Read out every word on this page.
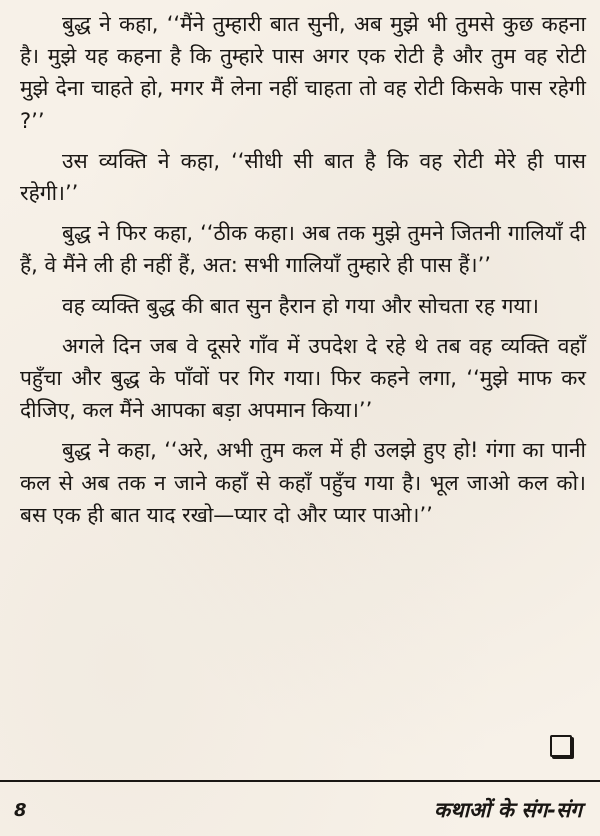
बुद्ध ने कहा, ‘‘मैंने तुम्हारी बात सुनी, अब मुझे भी तुमसे कुछ कहना है। मुझे यह कहना है कि तुम्हारे पास अगर एक रोटी है और तुम वह रोटी मुझे देना चाहते हो, मगर मैं लेना नहीं चाहता तो वह रोटी किसके पास रहेगी ?’’

उस व्यक्ति ने कहा, ‘‘सीधी सी बात है कि वह रोटी मेरे ही पास रहेगी।’’

बुद्ध ने फिर कहा, ‘‘ठीक कहा। अब तक मुझे तुमने जितनी गालियाँ दी हैं, वे मैंने ली ही नहीं हैं, अत: सभी गालियाँ तुम्हारे ही पास हैं।’’

वह व्यक्ति बुद्ध की बात सुन हैरान हो गया और सोचता रह गया।

अगले दिन जब वे दूसरे गाँव में उपदेश दे रहे थे तब वह व्यक्ति वहाँ पहुँचा और बुद्ध के पाँवों पर गिर गया। फिर कहने लगा, ‘‘मुझे माफ कर दीजिए, कल मैंने आपका बड़ा अपमान किया।’’

बुद्ध ने कहा, ‘‘अरे, अभी तुम कल में ही उलझे हुए हो! गंगा का पानी कल से अब तक न जाने कहाँ से कहाँ पहुँच गया है। भूल जाओ कल को। बस एक ही बात याद रखो—प्यार दो और प्यार पाओ।’’

8	कथाओं के संग-संग
